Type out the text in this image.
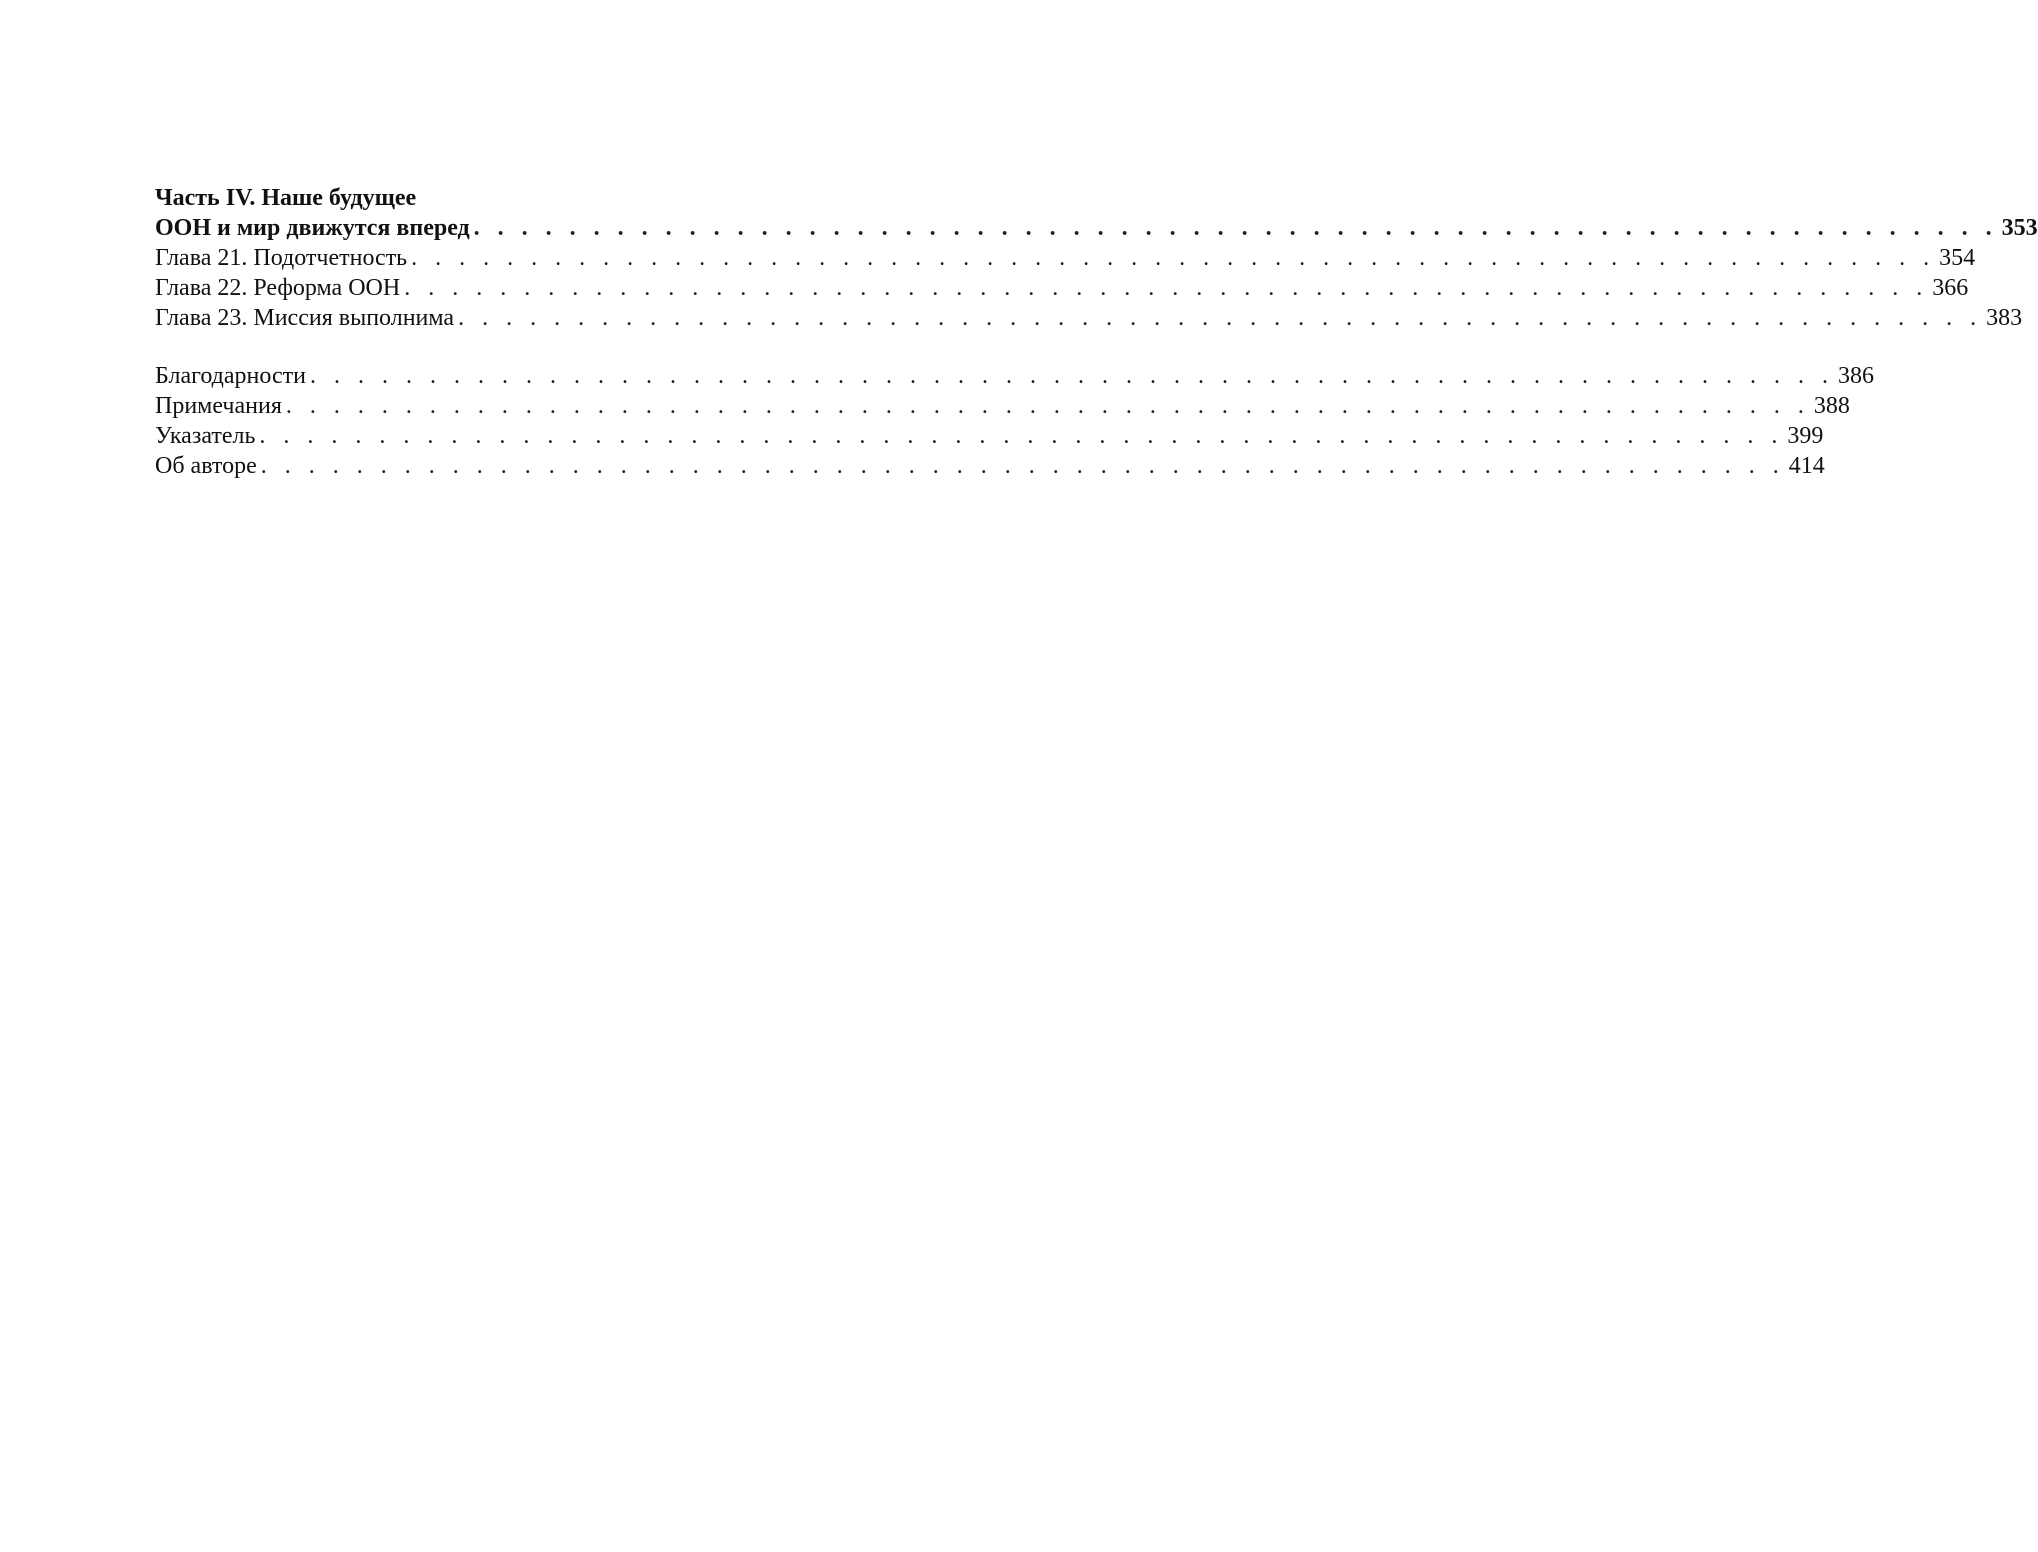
Часть IV. Наше будущее
ООН и мир движутся вперед . . . . . . . . . . . . . . . . . . . . . . . . . . . . . . . . . . . . . . . . . . . . . . . . . . . . . . . . . . . . . . . . 353
Глава 21. Подотчетность . . . . . . . . . . . . . . . . . . . . . . . . . . . . . . . . . . . . . . . . . . . . . . . . . . . . . . . . . . . . . . . . 354
Глава 22. Реформа ООН . . . . . . . . . . . . . . . . . . . . . . . . . . . . . . . . . . . . . . . . . . . . . . . . . . . . . . . . . . . . . . . . 366
Глава 23. Миссия выполнима . . . . . . . . . . . . . . . . . . . . . . . . . . . . . . . . . . . . . . . . . . . . . . . . . . . . . . . . . . . . . . . . 383
Благодарности . . . . . . . . . . . . . . . . . . . . . . . . . . . . . . . . . . . . . . . . . . . . . . . . . . . . . . . . . . . . . . . . 386
Примечания . . . . . . . . . . . . . . . . . . . . . . . . . . . . . . . . . . . . . . . . . . . . . . . . . . . . . . . . . . . . . . . . 388
Указатель . . . . . . . . . . . . . . . . . . . . . . . . . . . . . . . . . . . . . . . . . . . . . . . . . . . . . . . . . . . . . . . . 399
Об авторе . . . . . . . . . . . . . . . . . . . . . . . . . . . . . . . . . . . . . . . . . . . . . . . . . . . . . . . . . . . . . . . . 414
